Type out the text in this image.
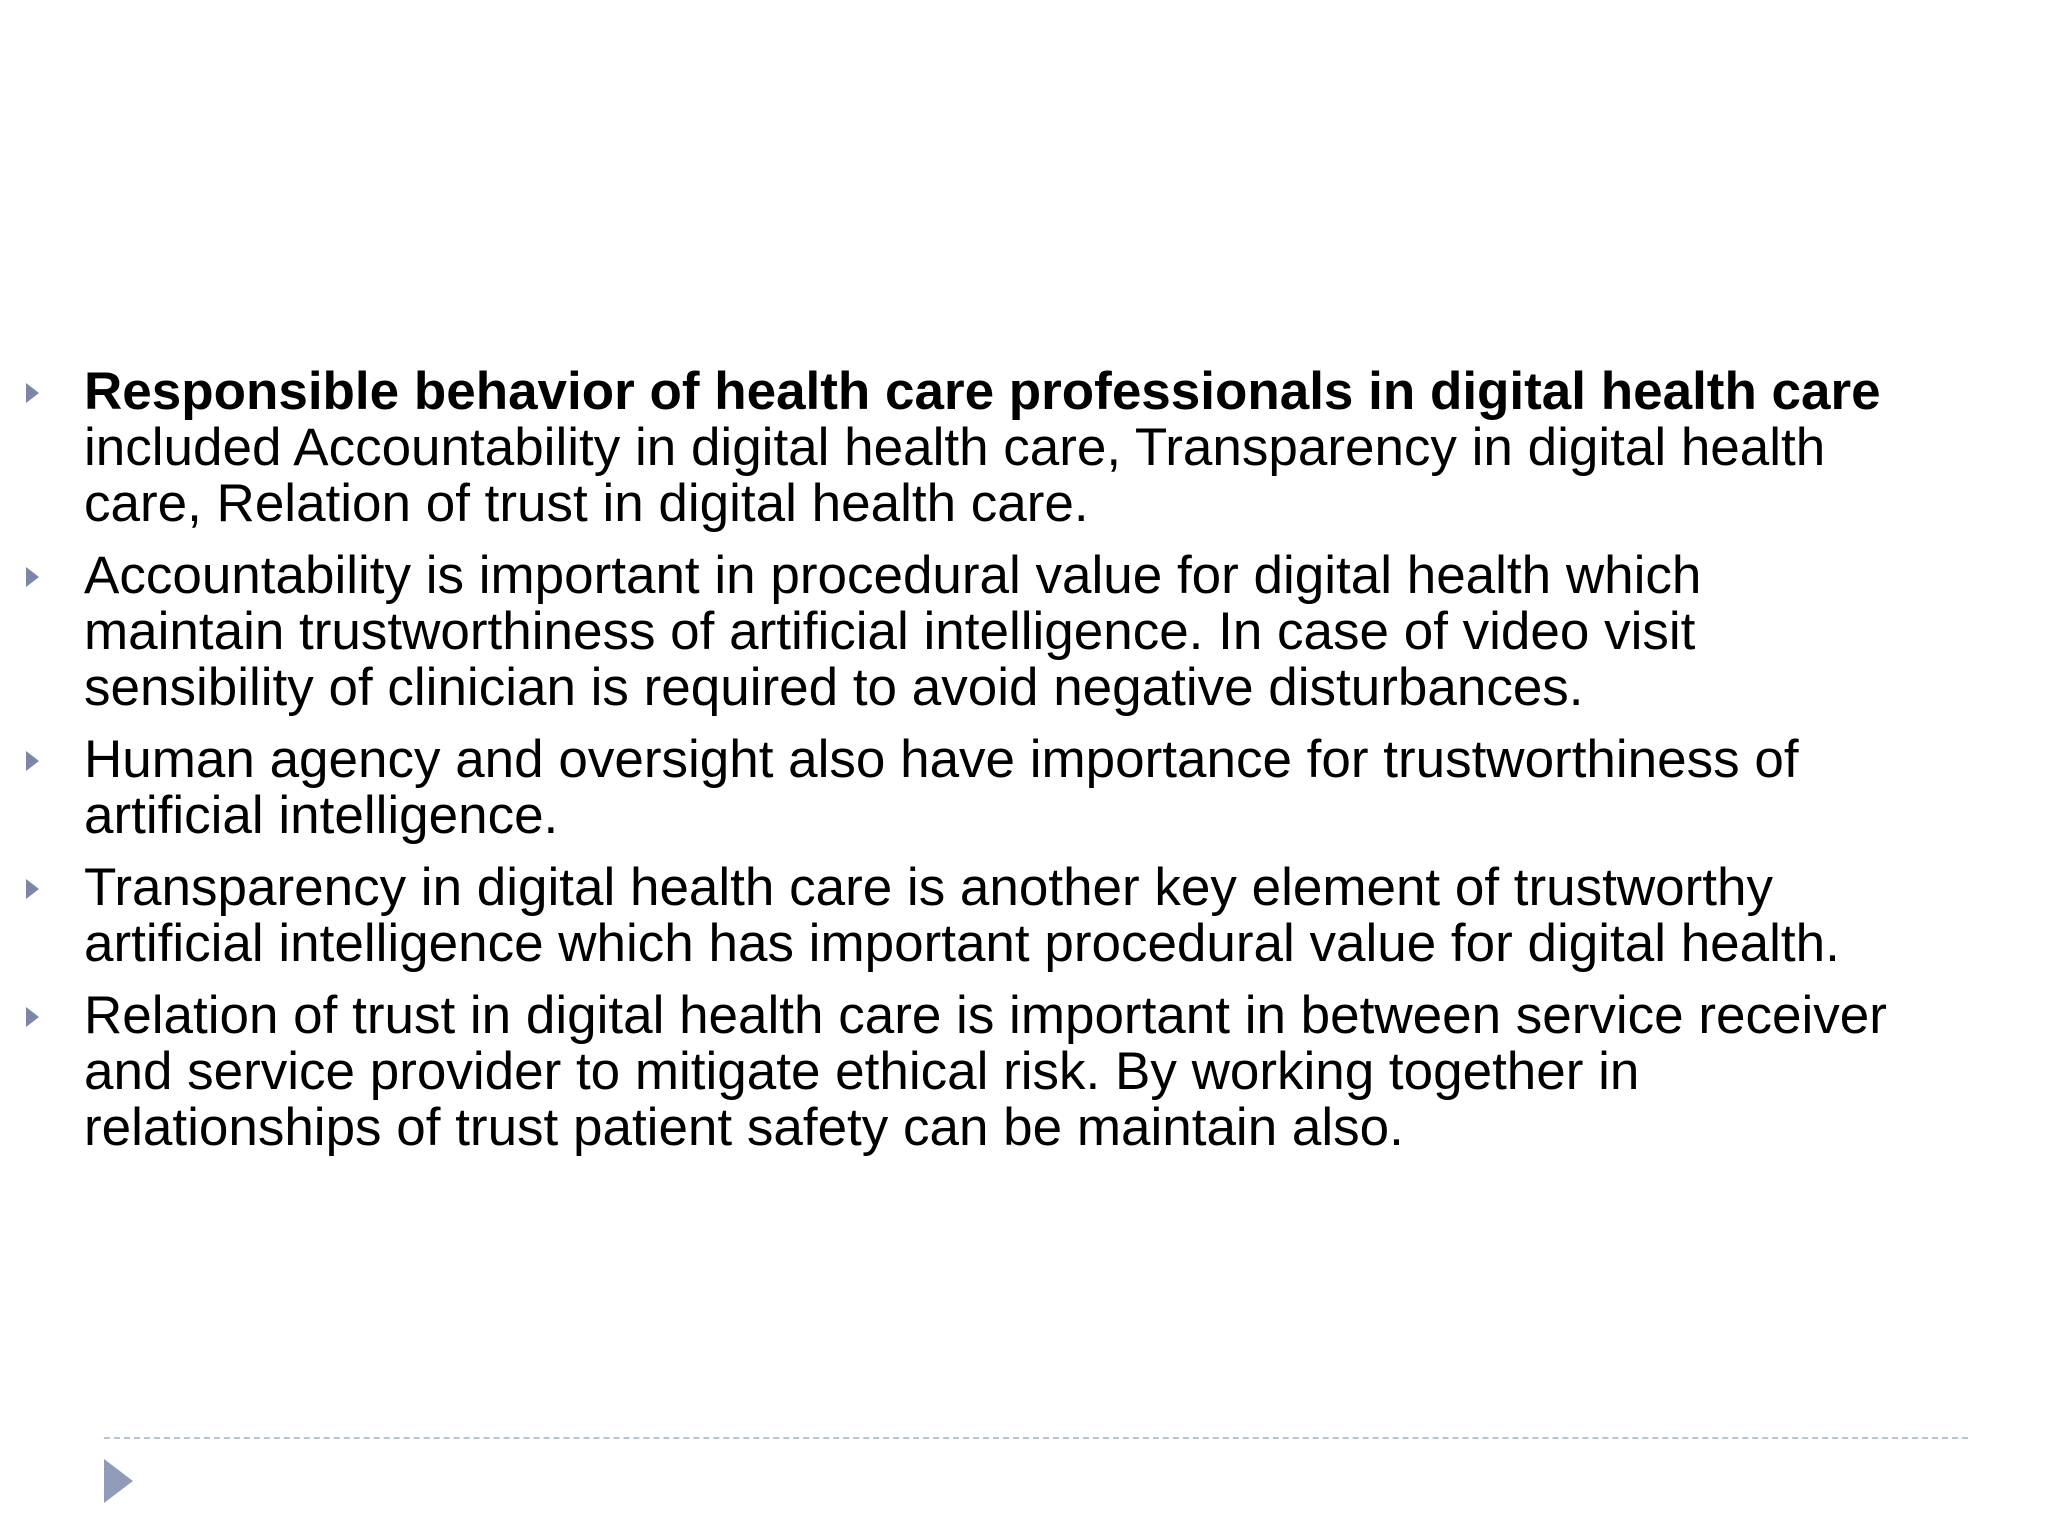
Responsible behavior of health care professionals in digital health care included Accountability in digital health care, Transparency in digital health care, Relation of trust in digital health care.
Accountability is important in procedural value for digital health which maintain trustworthiness of artificial intelligence. In case of video visit sensibility of clinician is required to avoid negative disturbances.
Human agency and oversight also have importance for trustworthiness of artificial intelligence.
Transparency in digital health care is another key element of trustworthy artificial intelligence which has important procedural value for digital health.
Relation of trust in digital health care is important in between service receiver and service provider to mitigate ethical risk. By working together in relationships of trust patient safety can be maintain also.
